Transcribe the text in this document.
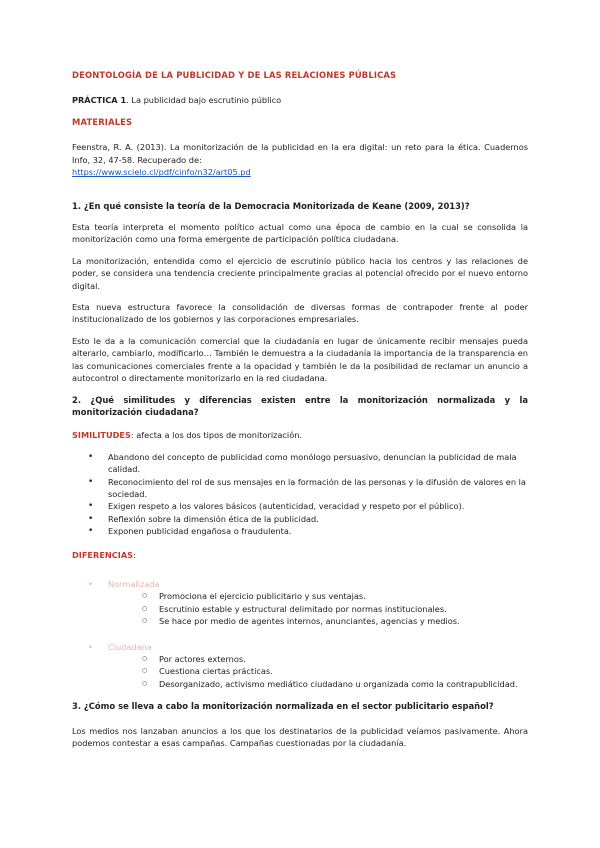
DEONTOLOGÍA DE LA PUBLICIDAD Y DE LAS RELACIONES PÚBLICAS

PRÁCTICA 1. La publicidad bajo escrutinio público

MATERIALES

Feenstra, R. A. (2013). La monitorización de la publicidad en la era digital: un reto para la ética. Cuadernos Info, 32, 47-58. Recuperado de:

https://www.scielo.cl/pdf/cinfo/n32/art05.pd

1. ¿En qué consiste la teoría de la Democracia Monitorizada de Keane (2009, 2013)?

Esta teoría interpreta el momento político actual como una época de cambio en la cual se consolida la monitorización como una forma emergente de participación política ciudadana.

La monitorización, entendida como el ejercicio de escrutinio público hacia los centros y las relaciones de poder, se considera una tendencia creciente principalmente gracias al potencial ofrecido por el nuevo entorno digital.

Esta nueva estructura favorece la consolidación de diversas formas de contrapoder frente al poder institucionalizado de los gobiernos y las corporaciones empresariales.

Esto le da a la comunicación comercial que la ciudadanía en lugar de únicamente recibir mensajes pueda alterarlo, cambiarlo, modificarlo… También le demuestra a la ciudadanía la importancia de la transparencia en las comunicaciones comerciales frente a la opacidad y también le da la posibilidad de reclamar un anuncio a autocontrol o directamente monitorizarlo en la red ciudadana.

2. ¿Qué similitudes y diferencias existen entre la monitorización normalizada y la monitorización ciudadana?

SIMILITUDES: afecta a los dos tipos de monitorización.

• Abandono del concepto de publicidad como monólogo persuasivo, denuncian la publicidad de mala calidad.
• Reconocimiento del rol de sus mensajes en la formación de las personas y la difusión de valores en la sociedad.
• Exigen respeto a los valores básicos (autenticidad, veracidad y respeto por el público).
• Reflexión sobre la dimensión ética de la publicidad.
• Exponen publicidad engañosa o fraudulenta.

DIFERENCIAS:

• Normalizada
○ Promociona el ejercicio publicitario y sus ventajas.
○ Escrutinio estable y estructural delimitado por normas institucionales.
○ Se hace por medio de agentes internos, anunciantes, agencias y medios.
• Ciudadana
○ Por actores externos.
○ Cuestiona ciertas prácticas.
○ Desorganizado, activismo mediático ciudadano u organizada como la contrapublicidad.

3. ¿Cómo se lleva a cabo la monitorización normalizada en el sector publicitario español?

Los medios nos lanzaban anuncios a los que los destinatarios de la publicidad veíamos pasivamente. Ahora podemos contestar a esas campañas. Campañas cuestionadas por la ciudadanía.
